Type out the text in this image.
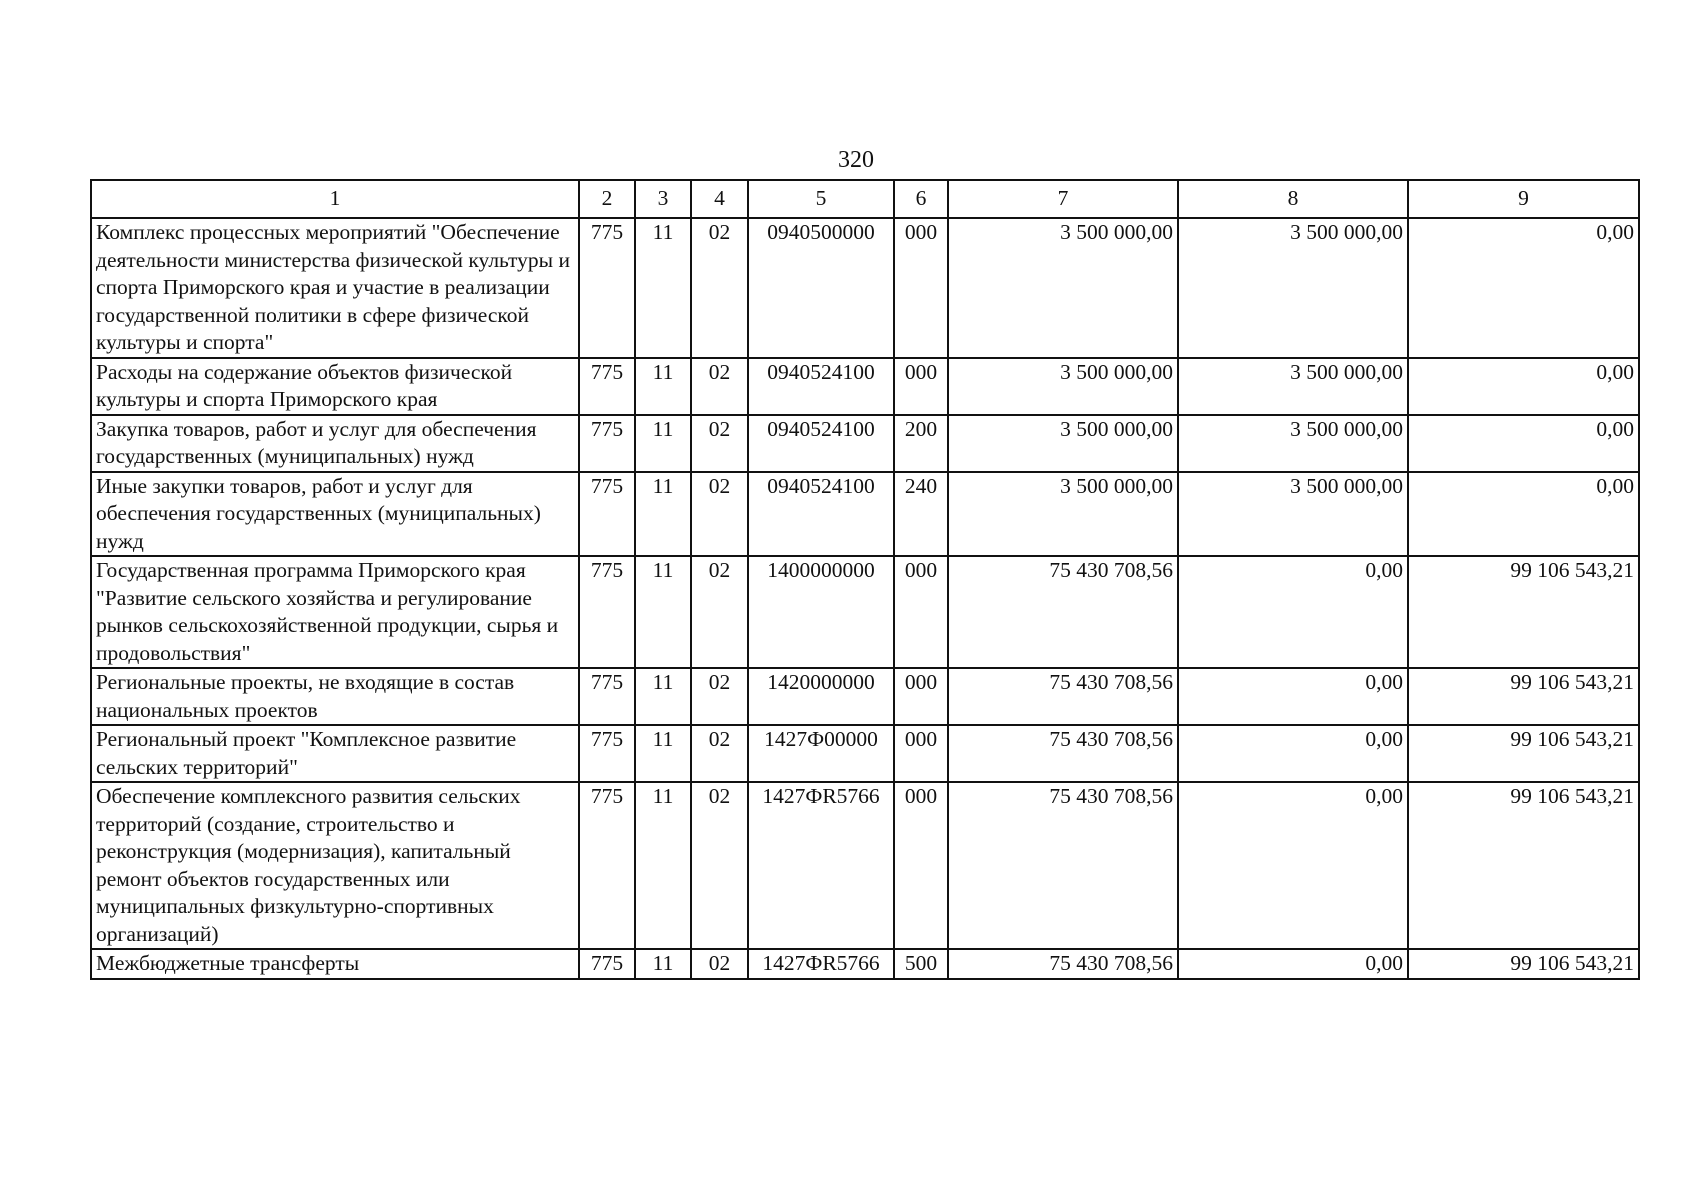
320
1	2	3	4	5	6	7	8	9
Комплекс процессных мероприятий "Обеспечение деятельности министерства физической культуры и спорта Приморского края и участие в реализации государственной политики в сфере физической культуры и спорта"	775	11	02	0940500000	000	3 500 000,00	3 500 000,00	0,00
Расходы на содержание объектов физической культуры и спорта Приморского края	775	11	02	0940524100	000	3 500 000,00	3 500 000,00	0,00
Закупка товаров, работ и услуг для обеспечения государственных (муниципальных) нужд	775	11	02	0940524100	200	3 500 000,00	3 500 000,00	0,00
Иные закупки товаров, работ и услуг для обеспечения государственных (муниципальных) нужд	775	11	02	0940524100	240	3 500 000,00	3 500 000,00	0,00
Государственная программа Приморского края "Развитие сельского хозяйства и регулирование рынков сельскохозяйственной продукции, сырья и продовольствия"	775	11	02	1400000000	000	75 430 708,56	0,00	99 106 543,21
Региональные проекты, не входящие в состав национальных проектов	775	11	02	1420000000	000	75 430 708,56	0,00	99 106 543,21
Региональный проект "Комплексное развитие сельских территорий"	775	11	02	1427Ф00000	000	75 430 708,56	0,00	99 106 543,21
Обеспечение комплексного развития сельских территорий (создание, строительство и реконструкция (модернизация), капитальный ремонт объектов государственных или муниципальных физкультурно-спортивных организаций)	775	11	02	1427ФR5766	000	75 430 708,56	0,00	99 106 543,21
Межбюджетные трансферты	775	11	02	1427ФR5766	500	75 430 708,56	0,00	99 106 543,21
